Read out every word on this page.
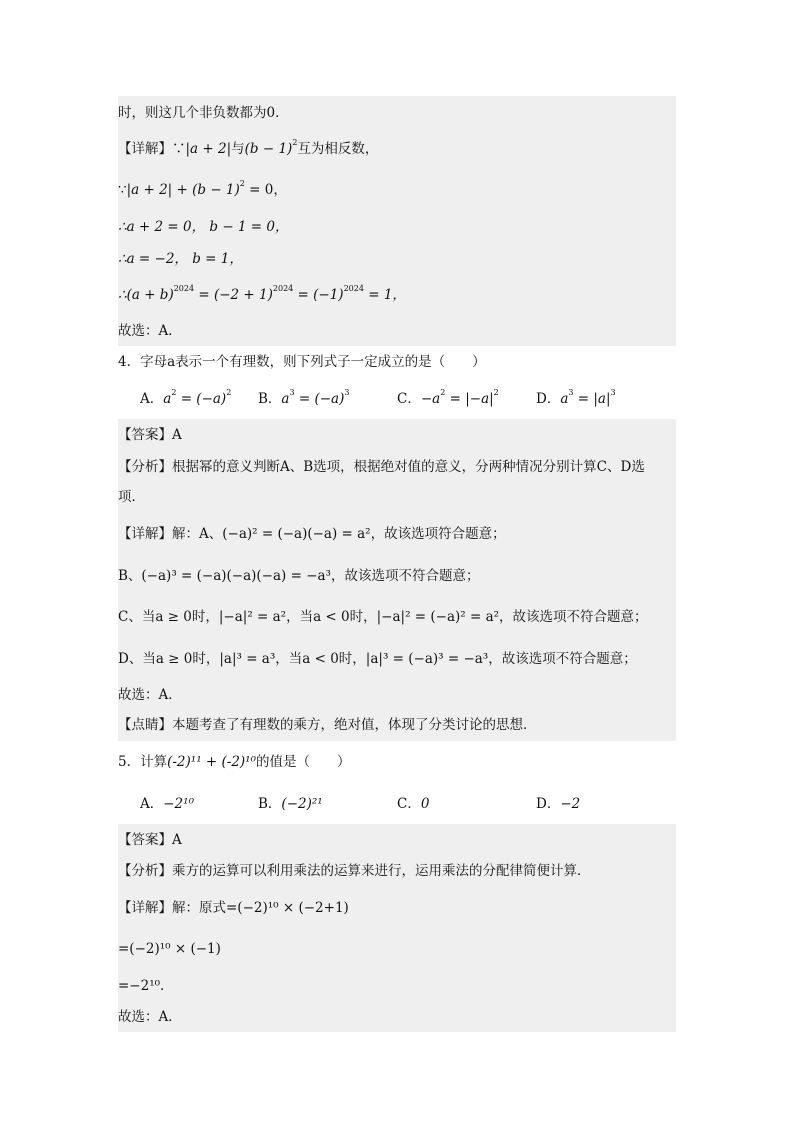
时，则这几个非负数都为0．
【详解】∵|a + 2|与$(b - 1)^2$互为相反数，
∵|a + $2| + (b - 1)^2 = 0$，
∴a + 2 = 0， b − 1 = 0，
∴a = −2， b = 1，
∴(a + $b)^{2024} = (-2 + 1)^{2024} = (-1)^{2024} = 1$，
故选：A．
4．字母a表示一个有理数，则下列式子一定成立的是（　　）
A．$a^2 = (-a)^2$ B．$a^3 = (-a)^3$	C．$-a^2 = |-a|^2$	D．$a^3 = |a|^3$
【答案】A
【分析】根据幂的意义判断A、B选项，根据绝对值的意义，分两种情况分别计算C、D选
项．
【详解】解：A、(−a)² = (−a)(−a) = a²，故该选项符合题意；
B、(−a)³ = (−a)(−a)(−a) = −a³，故该选项不符合题意；
C、当a ≥ 0时，|−a|² = a²，当a < 0时，|−a|² = (−a)² = a²，故该选项不符合题意；
D、当a ≥ 0时，|a|³ = a³，当a < 0时，|a|³ = (−a)³ = −a³，故该选项不符合题意；
故选：A．
【点睛】本题考查了有理数的乘方，绝对值，体现了分类讨论的思想．
5．计算(-2)¹¹ + (-2)¹⁰的值是（　　）
A．−2¹⁰	B．(−2)²¹	C．0	D．−2
【答案】A
【分析】乘方的运算可以利用乘法的运算来进行，运用乘法的分配律简便计算．
【详解】解：原式=(−2)¹⁰ × (−2+1)
=(−2)¹⁰ × (−1)
=−2¹⁰．
故选：A．
